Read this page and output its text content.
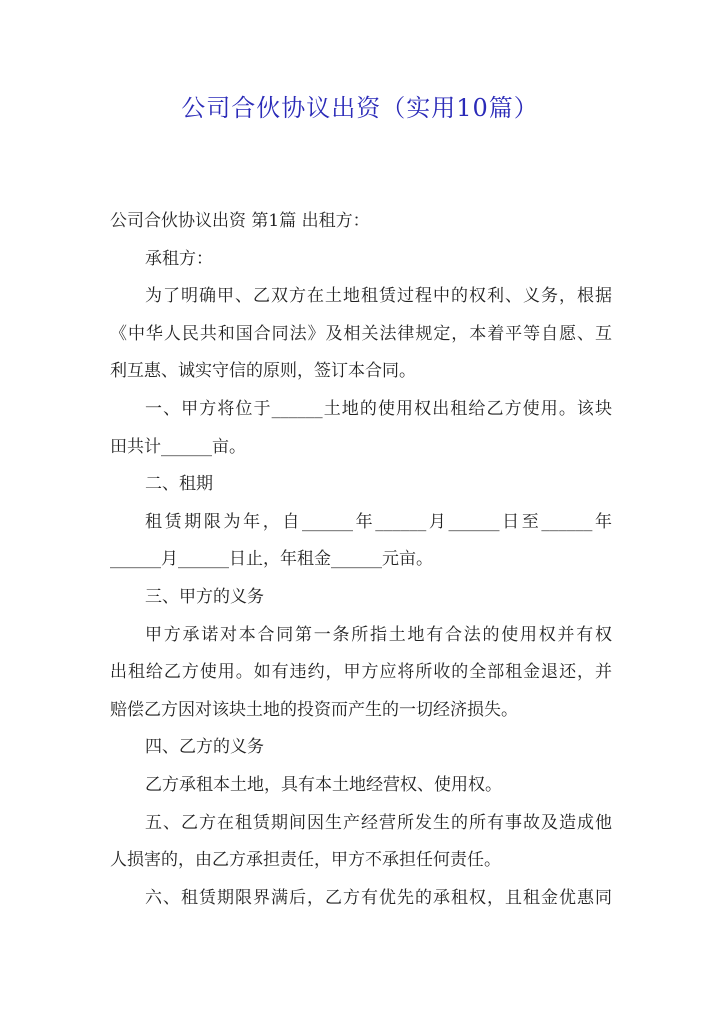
公司合伙协议出资（实用10篇）
公司合伙协议出资 第1篇 出租方：
承租方：
为了明确甲、乙双方在土地租赁过程中的权利、义务，根据
《中华人民共和国合同法》及相关法律规定，本着平等自愿、互
利互惠、诚实守信的原则，签订本合同。
一、甲方将位于______土地的使用权出租给乙方使用。该块
田共计______亩。
二、租期
租赁期限为年，自______年______月______日至______年
______月______日止，年租金______元亩。
三、甲方的义务
甲方承诺对本合同第一条所指土地有合法的使用权并有权
出租给乙方使用。如有违约，甲方应将所收的全部租金退还，并
赔偿乙方因对该块土地的投资而产生的一切经济损失。
四、乙方的义务
乙方承租本土地，具有本土地经营权、使用权。
五、乙方在租赁期间因生产经营所发生的所有事故及造成他
人损害的，由乙方承担责任，甲方不承担任何责任。
六、租赁期限界满后，乙方有优先的承租权，且租金优惠同
